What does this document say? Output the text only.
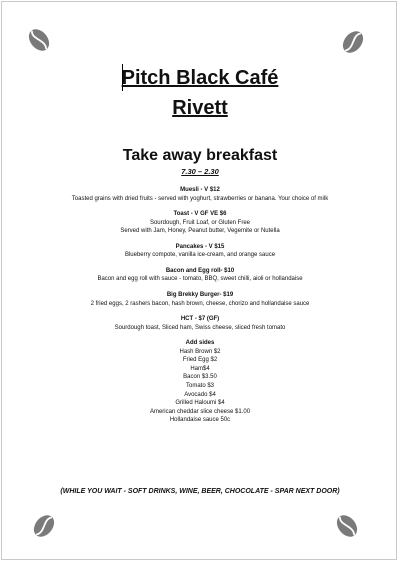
Pitch Black Café
Rivett
Take away breakfast
7.30 – 2.30
Muesli - V $12
Toasted grains with dried fruits - served with yoghurt, strawberries or banana. Your choice of milk
Toast - V GF VE $6
Sourdough, Fruit Loaf, or Gluten Free
Served with Jam, Honey, Peanut butter, Vegemite or Nutella
Pancakes - V $15
Blueberry compote, vanilla ice-cream, and orange sauce
Bacon and Egg roll- $10
Bacon and egg roll with sauce - tomato, BBQ, sweet chilli, aioli or hollandaise
Big Brekky Burger- $19
2 fried eggs, 2 rashers bacon, hash brown, cheese, chorizo and hollandaise sauce
HCT - $7 (GF)
Sourdough toast, Sliced ham, Swiss cheese, sliced fresh tomato
Add sides
Hash Brown $2
Fried Egg $2
Ham$4
Bacon $3.50
Tomato $3
Avocado $4
Grilled Haloumi $4
American cheddar slice cheese $1.00
Hollandaise sauce 50c
(WHILE YOU WAIT - SOFT DRINKS, WINE, BEER, CHOCOLATE - SPAR NEXT DOOR)
